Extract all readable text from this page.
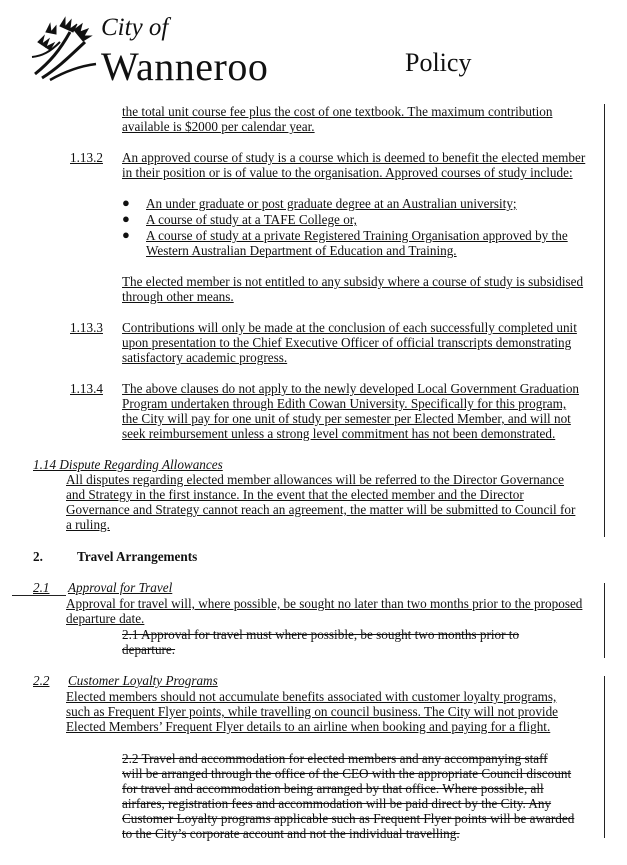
City of
Wanneroo	Policy
the total unit course fee plus the cost of one textbook. The maximum contribution
available is $2000 per calendar year.
1.13.2 An approved course of study is a course which is deemed to benefit the elected member
in their position or is of value to the organisation. Approved courses of study include:
● An under graduate or post graduate degree at an Australian university;
● A course of study at a TAFE College or,
● A course of study at a private Registered Training Organisation approved by the
Western Australian Department of Education and Training.
The elected member is not entitled to any subsidy where a course of study is subsidised
through other means.
1.13.3 Contributions will only be made at the conclusion of each successfully completed unit
upon presentation to the Chief Executive Officer of official transcripts demonstrating
satisfactory academic progress.
1.13.4 The above clauses do not apply to the newly developed Local Government Graduation
Program undertaken through Edith Cowan University. Specifically for this program,
the City will pay for one unit of study per semester per Elected Member, and will not
seek reimbursement unless a strong level commitment has not been demonstrated.
1.14 Dispute Regarding Allowances
All disputes regarding elected member allowances will be referred to the Director Governance
and Strategy in the first instance. In the event that the elected member and the Director
Governance and Strategy cannot reach an agreement, the matter will be submitted to Council for
a ruling.
2.	Travel Arrangements
2.1 Approval for Travel
Approval for travel will, where possible, be sought no later than two months prior to the proposed
departure date.
2.1 Approval for travel must where possible, be sought two months prior to
departure.
2.2 Customer Loyalty Programs
Elected members should not accumulate benefits associated with customer loyalty programs,
such as Frequent Flyer points, while travelling on council business. The City will not provide
Elected Members’ Frequent Flyer details to an airline when booking and paying for a flight.
2.2 Travel and accommodation for elected members and any accompanying staff
will be arranged through the office of the CEO with the appropriate Council discount
for travel and accommodation being arranged by that office. Where possible, all
airfares, registration fees and accommodation will be paid direct by the City. Any
Customer Loyalty programs applicable such as Frequent Flyer points will be awarded
to the City’s corporate account and not the individual travelling.
